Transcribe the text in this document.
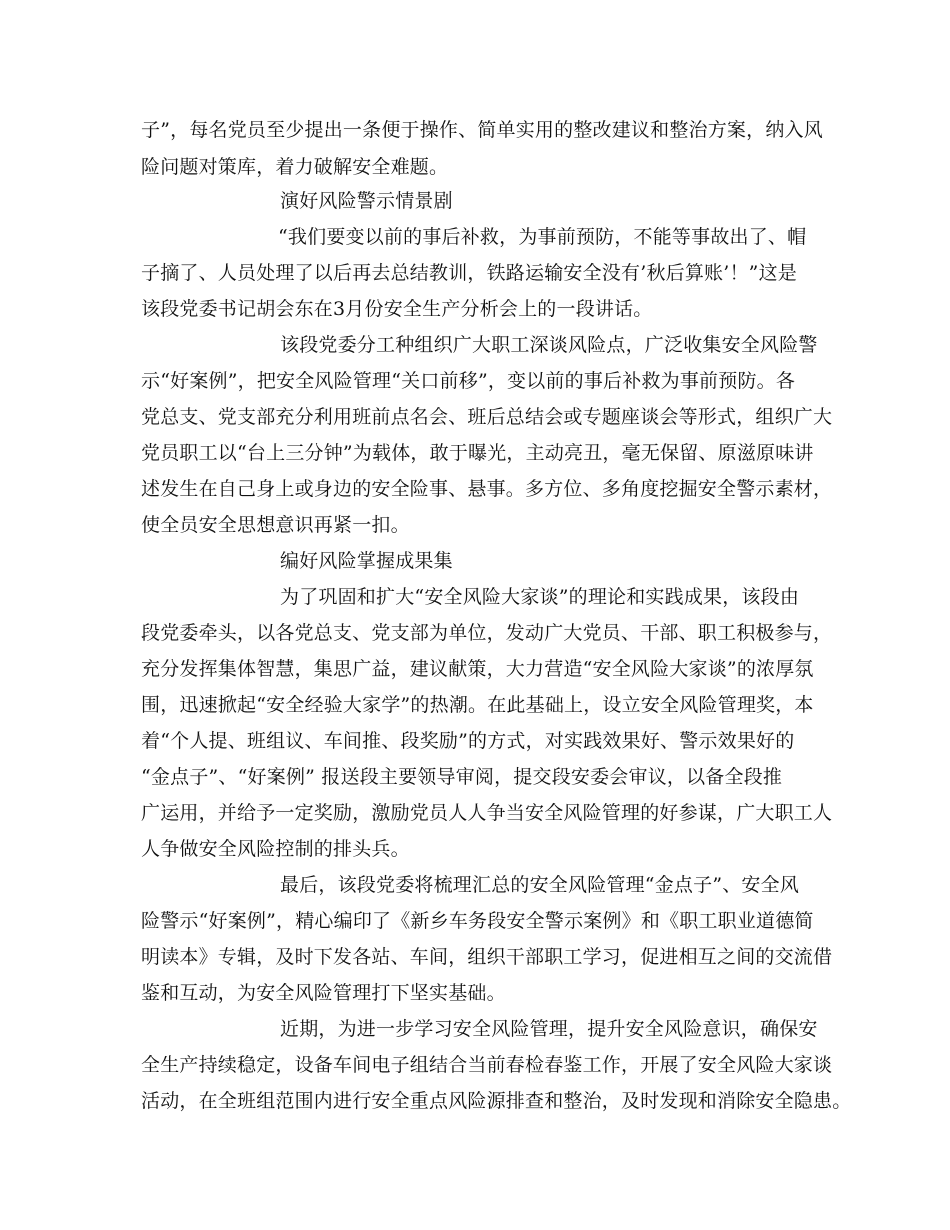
子”，每名党员至少提出一条便于操作、简单实用的整改建议和整治方案，纳入风
险问题对策库，着力破解安全难题。
演好风险警示情景剧
“我们要变以前的事后补救，为事前预防，不能等事故出了、帽
子摘了、人员处理了以后再去总结教训，铁路运输安全没有’秋后算账’！”这是
该段党委书记胡会东在3月份安全生产分析会上的一段讲话。
该段党委分工种组织广大职工深谈风险点，广泛收集安全风险警
示“好案例”，把安全风险管理“关口前移”，变以前的事后补救为事前预防。各
党总支、党支部充分利用班前点名会、班后总结会或专题座谈会等形式，组织广大
党员职工以“台上三分钟”为载体，敢于曝光，主动亮丑，毫无保留、原滋原味讲
述发生在自己身上或身边的安全险事、悬事。多方位、多角度挖掘安全警示素材，
使全员安全思想意识再紧一扣。
编好风险掌握成果集
为了巩固和扩大“安全风险大家谈”的理论和实践成果，该段由
段党委牵头，以各党总支、党支部为单位，发动广大党员、干部、职工积极参与，
充分发挥集体智慧，集思广益，建议献策，大力营造“安全风险大家谈”的浓厚氛
围，迅速掀起“安全经验大家学”的热潮。在此基础上，设立安全风险管理奖，本
着“个人提、班组议、车间推、段奖励”的方式，对实践效果好、警示效果好的
“金点子”、“好案例” 报送段主要领导审阅，提交段安委会审议，以备全段推
广运用，并给予一定奖励，激励党员人人争当安全风险管理的好参谋，广大职工人
人争做安全风险控制的排头兵。
最后，该段党委将梳理汇总的安全风险管理“金点子”、安全风
险警示“好案例”，精心编印了《新乡车务段安全警示案例》和《职工职业道德简
明读本》专辑，及时下发各站、车间，组织干部职工学习，促进相互之间的交流借
鉴和互动，为安全风险管理打下坚实基础。
近期，为进一步学习安全风险管理，提升安全风险意识，确保安
全生产持续稳定，设备车间电子组结合当前春检春鉴工作，开展了安全风险大家谈
活动，在全班组范围内进行安全重点风险源排查和整治，及时发现和消除安全隐患。
